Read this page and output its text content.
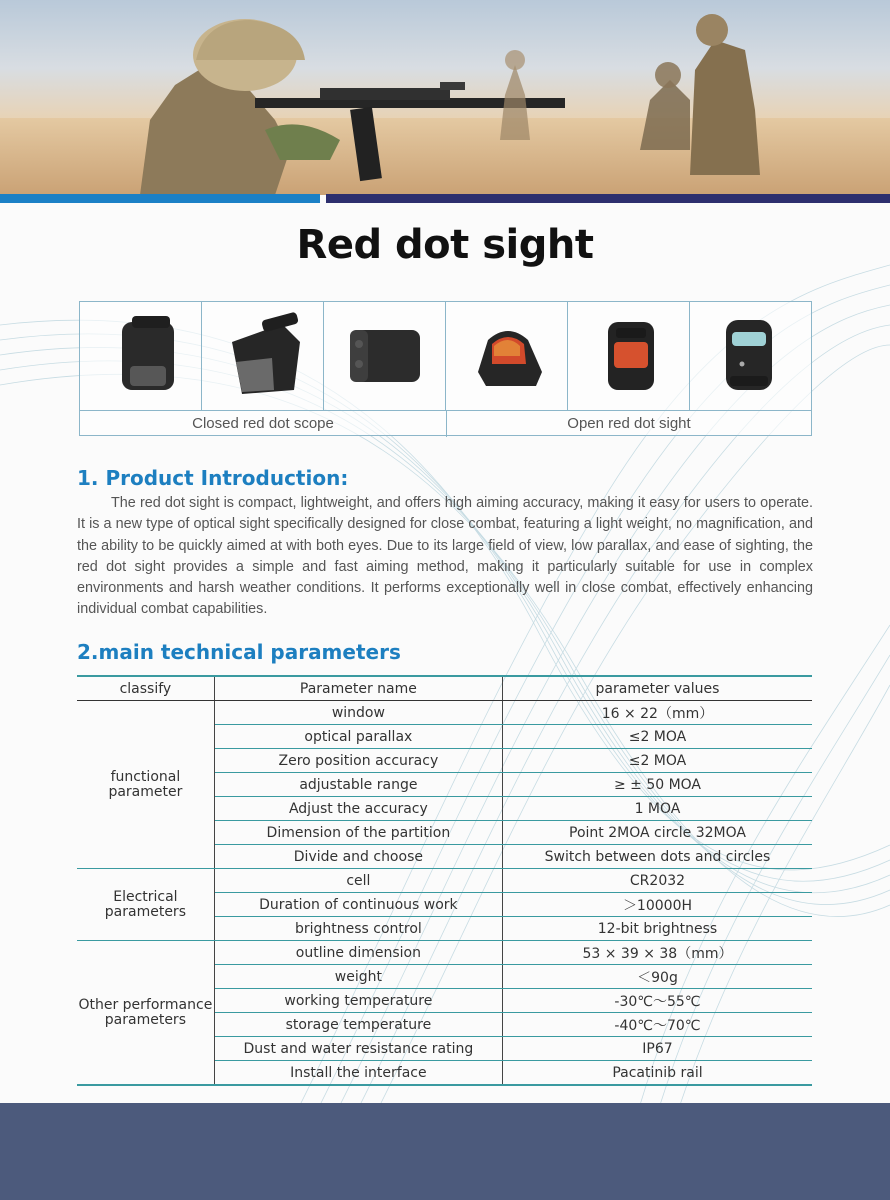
Red dot sight
Closed red dot scope	Open red dot sight
1. Product Introduction:

The red dot sight is compact, lightweight, and offers high aiming accuracy, making it easy for users to operate. It is a new type of optical sight specifically designed for close combat, featuring a light weight, no magnification, and the ability to be quickly aimed at with both eyes. Due to its large field of view, low parallax, and ease of sighting, the red dot sight provides a simple and fast aiming method, making it particularly suitable for use in complex environments and harsh weather conditions. It performs exceptionally well in close combat, effectively enhancing individual combat capabilities.

2.main technical parameters
classify	Parameter name	parameter values
functional parameter	window	16 × 22（mm）
	optical parallax	≤2 MOA
	Zero position accuracy	≤2 MOA
	adjustable range	≥ ± 50 MOA
	Adjust the accuracy	1 MOA
	Dimension of the partition	Point 2MOA circle 32MOA
	Divide and choose	Switch between dots and circles
Electrical parameters	cell	CR2032
	Duration of continuous work	＞10000H
	brightness control	12-bit brightness
Other performance parameters	outline dimension	53 × 39 × 38（mm）
	weight	＜90g
	working temperature	-30℃～55℃
	storage temperature	-40℃～70℃
	Dust and water resistance rating	IP67
	Install the interface	Pacatinib rail
